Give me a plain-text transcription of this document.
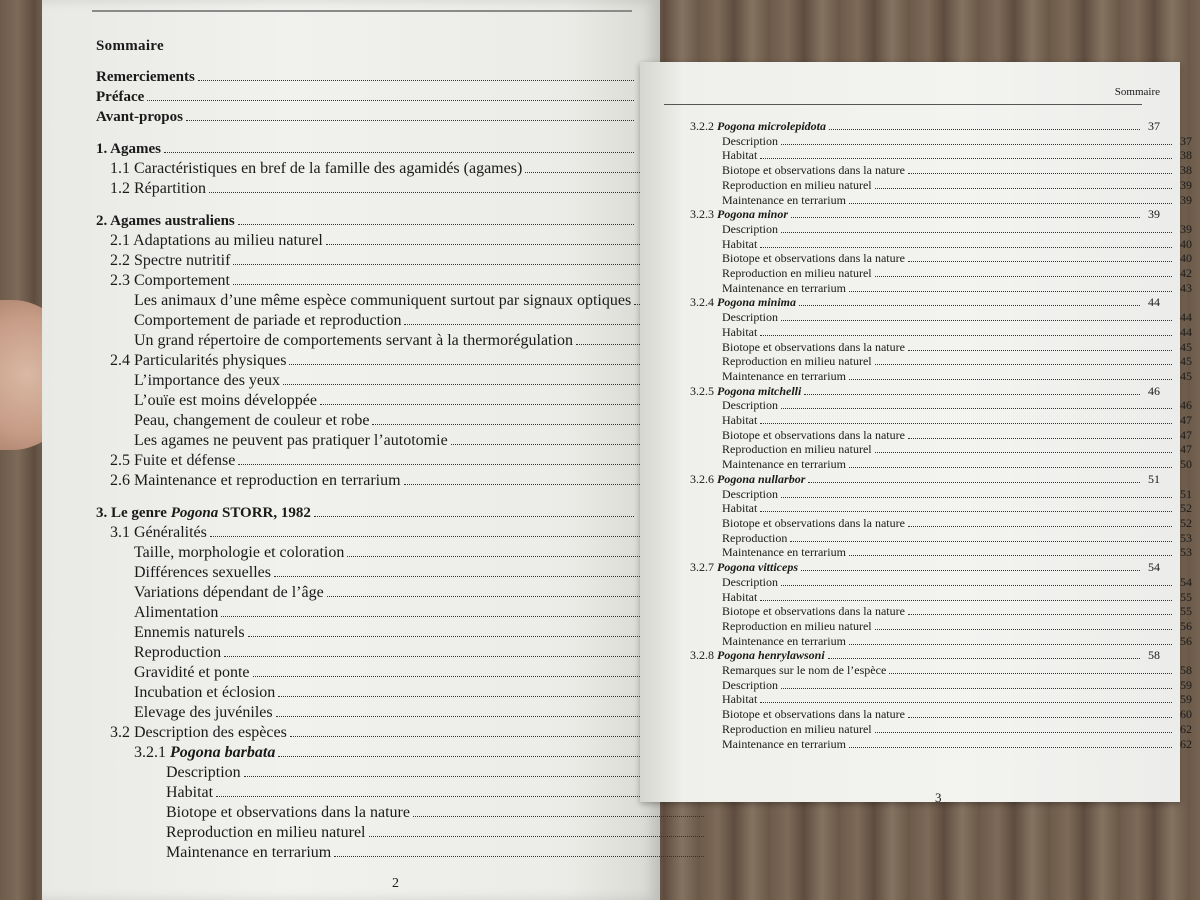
Sommaire
Remerciements
Préface
Avant-propos
1. Agames
1.1 Caractéristiques en bref de la famille des agamidés (agames)
1.2 Répartition
2. Agames australiens
2.1 Adaptations au milieu naturel
2.2 Spectre nutritif
2.3 Comportement
Les animaux d’une même espèce communiquent surtout par signaux optiques
Comportement de pariade et reproduction
Un grand répertoire de comportements servant à la thermorégulation
2.4 Particularités physiques
L’importance des yeux
L’ouïe est moins développée
Peau, changement de couleur et robe
Les agames ne peuvent pas pratiquer l’autotomie
2.5 Fuite et défense
2.6 Maintenance et reproduction en terrarium
3. Le genre Pogona STORR, 1982
3.1 Généralités
Taille, morphologie et coloration
Différences sexuelles
Variations dépendant de l’âge
Alimentation
Ennemis naturels
Reproduction
Gravidité et ponte
Incubation et éclosion
Elevage des juvéniles
3.2 Description des espèces
3.2.1 Pogona barbata
Description
Habitat
Biotope et observations dans la nature
Reproduction en milieu naturel
Maintenance en terrarium
2
Sommaire
3.2.2 Pogona microlepidota	37
Description	37
Habitat	38
Biotope et observations dans la nature	38
Reproduction en milieu naturel	39
Maintenance en terrarium	39
3.2.3 Pogona minor	39
Description	39
Habitat	40
Biotope et observations dans la nature	40
Reproduction en milieu naturel	42
Maintenance en terrarium	43
3.2.4 Pogona minima	44
Description	44
Habitat	44
Biotope et observations dans la nature	45
Reproduction en milieu naturel	45
Maintenance en terrarium	45
3.2.5 Pogona mitchelli	46
Description	46
Habitat	47
Biotope et observations dans la nature	47
Reproduction en milieu naturel	47
Maintenance en terrarium	50
3.2.6 Pogona nullarbor	51
Description	51
Habitat	52
Biotope et observations dans la nature	52
Reproduction	53
Maintenance en terrarium	53
3.2.7 Pogona vitticeps	54
Description	54
Habitat	55
Biotope et observations dans la nature	55
Reproduction en milieu naturel	56
Maintenance en terrarium	56
3.2.8 Pogona henrylawsoni	58
Remarques sur le nom de l’espèce	58
Description	59
Habitat	59
Biotope et observations dans la nature	60
Reproduction en milieu naturel	62
Maintenance en terrarium	62
3
